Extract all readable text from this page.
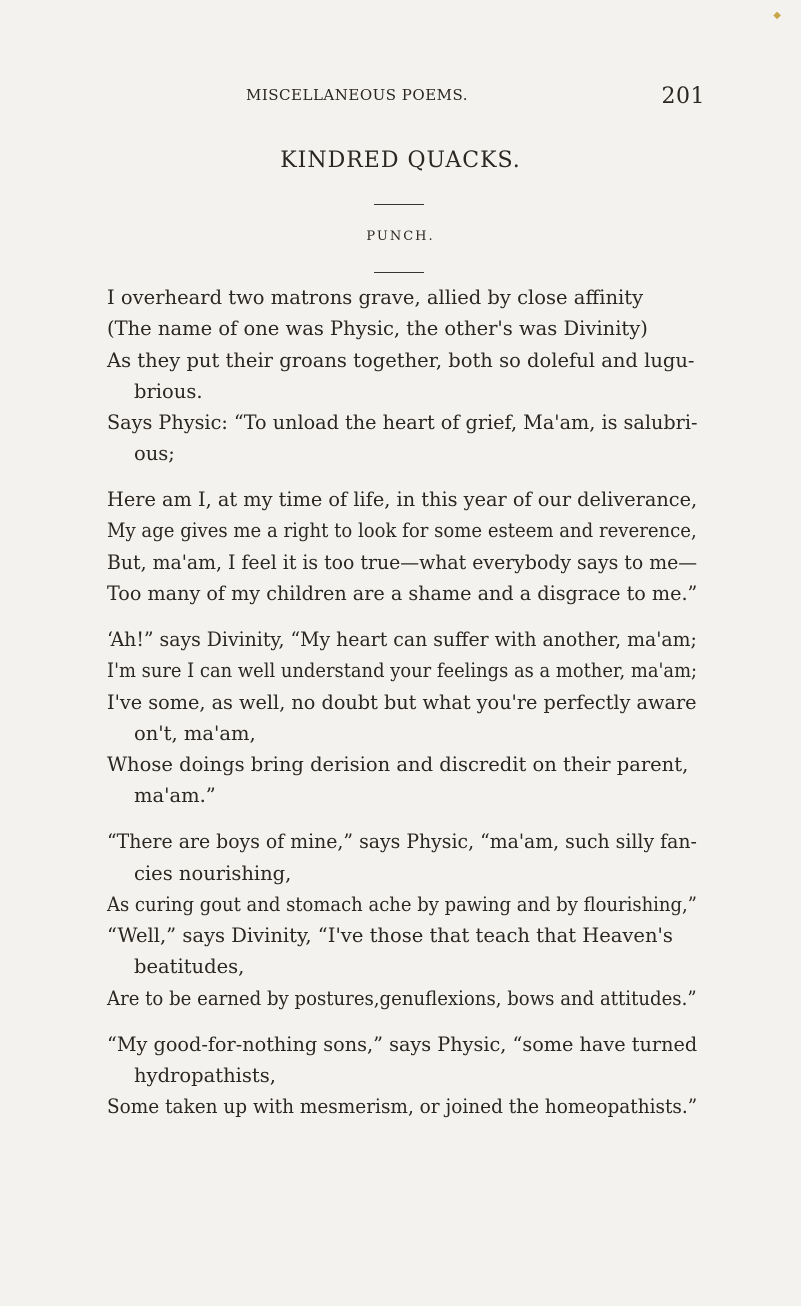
◆
MISCELLANEOUS POEMS.	201
KINDRED QUACKS.
PUNCH.
I overheard two matrons grave, allied by close affinity
(The name of one was Physic, the other's was Divinity)
As they put their groans together, both so doleful and lugu-
brious.
Says Physic: “To unload the heart of grief, Ma'am, is salubri-
ous;
Here am I, at my time of life, in this year of our deliverance,
My age gives me a right to look for some esteem and reverence,
But, ma'am, I feel it is too true—what everybody says to me—
Too many of my children are a shame and a disgrace to me.”
‘Ah!” says Divinity, “My heart can suffer with another, ma'am;
I'm sure I can well understand your feelings as a mother, ma'am;
I've some, as well, no doubt but what you're perfectly aware
on't, ma'am,
Whose doings bring derision and discredit on their parent,
ma'am.”
“There are boys of mine,” says Physic, “ma'am, such silly fan-
cies nourishing,
As curing gout and stomach ache by pawing and by flourishing,”
“Well,” says Divinity, “I've those that teach that Heaven's
beatitudes,
Are to be earned by postures,genuflexions, bows and attitudes.”
“My good-for-nothing sons,” says Physic, “some have turned
hydropathists,
Some taken up with mesmerism, or joined the homeopathists.”
